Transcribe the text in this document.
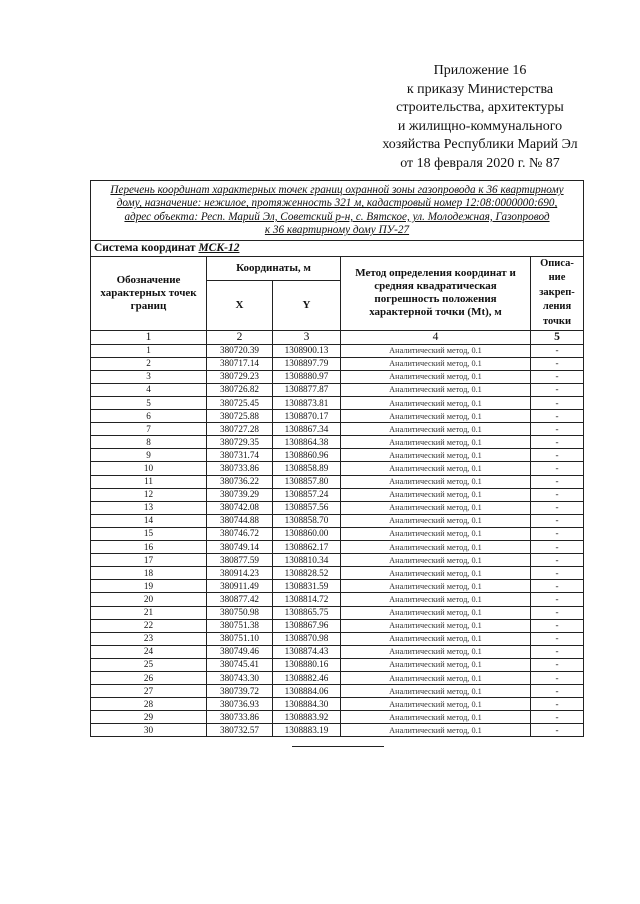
Приложение 16
к приказу Министерства
строительства, архитектуры
и жилищно-коммунального
хозяйства Республики Марий Эл
от 18 февраля 2020 г. № 87
Перечень координат характерных точек границ охранной зоны газопровода к 36 квартирному
дому, назначение: нежилое, протяженность 321 м, кадастровый номер 12:08:0000000:690,
адрес объекта: Респ. Марий Эл, Советский р-н, с. Вятское, ул. Молодежная, Газопровод
к 36 квартирному дому ПУ-27				

Система координат МСК-12				
Обозначение характерных точек границ	Координаты, м		Метод определения координат и средняя квадратическая погрешность положения характерной точки (Mt), м	Описа-
ние
закреп-
ления
точки

	X	Y		
1	2	3	4	5
1	380720.39	1308900.13	Аналитический метод, 0.1	-
2	380717.14	1308897.79	Аналитический метод, 0.1	-
3	380729.23	1308880.97	Аналитический метод, 0.1	-
4	380726.82	1308877.87	Аналитический метод, 0.1	-
5	380725.45	1308873.81	Аналитический метод, 0.1	-
6	380725.88	1308870.17	Аналитический метод, 0.1	-
7	380727.28	1308867.34	Аналитический метод, 0.1	-
8	380729.35	1308864.38	Аналитический метод, 0.1	-
9	380731.74	1308860.96	Аналитический метод, 0.1	-
10	380733.86	1308858.89	Аналитический метод, 0.1	-
11	380736.22	1308857.80	Аналитический метод, 0.1	-
12	380739.29	1308857.24	Аналитический метод, 0.1	-
13	380742.08	1308857.56	Аналитический метод, 0.1	-
14	380744.88	1308858.70	Аналитический метод, 0.1	-
15	380746.72	1308860.00	Аналитический метод, 0.1	-
16	380749.14	1308862.17	Аналитический метод, 0.1	-
17	380877.59	1308810.34	Аналитический метод, 0.1	-
18	380914.23	1308828.52	Аналитический метод, 0.1	-
19	380911.49	1308831.59	Аналитический метод, 0.1	-
20	380877.42	1308814.72	Аналитический метод, 0.1	-
21	380750.98	1308865.75	Аналитический метод, 0.1	-
22	380751.38	1308867.96	Аналитический метод, 0.1	-
23	380751.10	1308870.98	Аналитический метод, 0.1	-
24	380749.46	1308874.43	Аналитический метод, 0.1	-
25	380745.41	1308880.16	Аналитический метод, 0.1	-
26	380743.30	1308882.46	Аналитический метод, 0.1	-
27	380739.72	1308884.06	Аналитический метод, 0.1	-
28	380736.93	1308884.30	Аналитический метод, 0.1	-
29	380733.86	1308883.92	Аналитический метод, 0.1	-
30	380732.57	1308883.19	Аналитический метод, 0.1	-
